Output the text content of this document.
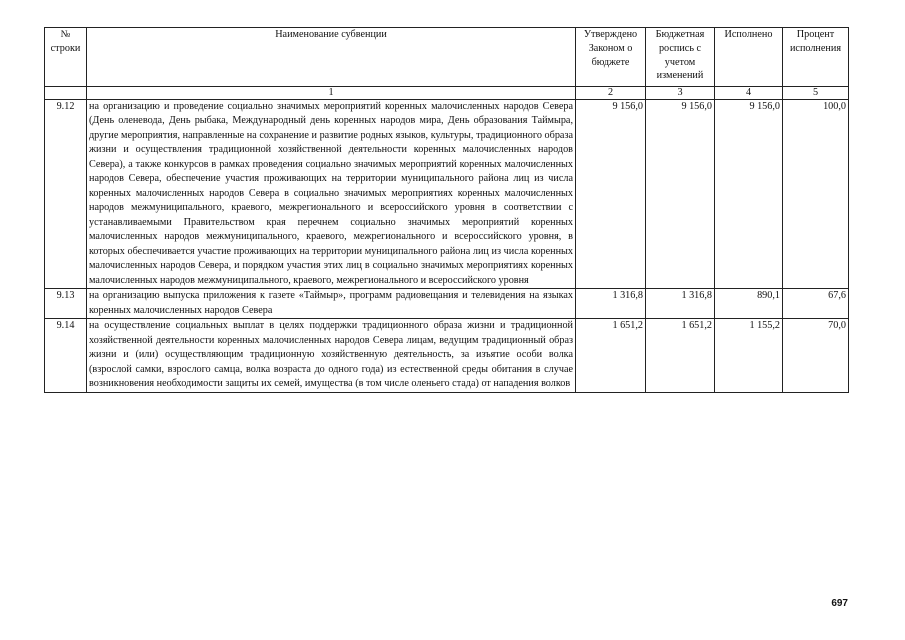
№ строки	Наименование субвенции	Утверждено Законом о бюджете	Бюджетная роспись с учетом изменений	Исполнено	Процент исполнения
	1	2	3	4	5
9.12	на организацию и проведение социально значимых мероприятий коренных малочисленных народов Севера (День оленевода, День рыбака, Международный день коренных народов мира, День образования Таймыра, другие мероприятия, направленные на сохранение и развитие родных языков, культуры, традиционного образа жизни и осуществления традиционной хозяйственной деятельности коренных малочисленных народов Севера), а также конкурсов в рамках проведения социально значимых мероприятий коренных малочисленных народов Севера, обеспечение участия проживающих на территории муниципального района лиц из числа коренных малочисленных народов Севера в социально значимых мероприятиях коренных малочисленных народов межмуниципального, краевого, межрегионального и всероссийского уровня в соответствии с устанавливаемыми Правительством края перечнем социально значимых мероприятий коренных малочисленных народов межмуниципального, краевого, межрегионального и всероссийского уровня, в которых обеспечивается участие проживающих на территории муниципального района лиц из числа коренных малочисленных народов Севера, и порядком участия этих лиц в социально значимых мероприятиях коренных малочисленных народов межмуниципального, краевого, межрегионального и всероссийского уровня	9 156,0	9 156,0	9 156,0	100,0
9.13	на организацию выпуска приложения к газете «Таймыр», программ радиовещания и телевидения на языках коренных малочисленных народов Севера	1 316,8	1 316,8	890,1	67,6
9.14	на осуществление социальных выплат в целях поддержки традиционного образа жизни и традиционной хозяйственной деятельности коренных малочисленных народов Севера лицам, ведущим традиционный образ жизни и (или) осуществляющим традиционную хозяйственную деятельность, за изъятие особи волка (взрослой самки, взрослого самца, волка возраста до одного года) из естественной среды обитания в случае возникновения необходимости защиты их семей, имущества (в том числе оленьего стада) от нападения волков	1 651,2	1 651,2	1 155,2	70,0
697
